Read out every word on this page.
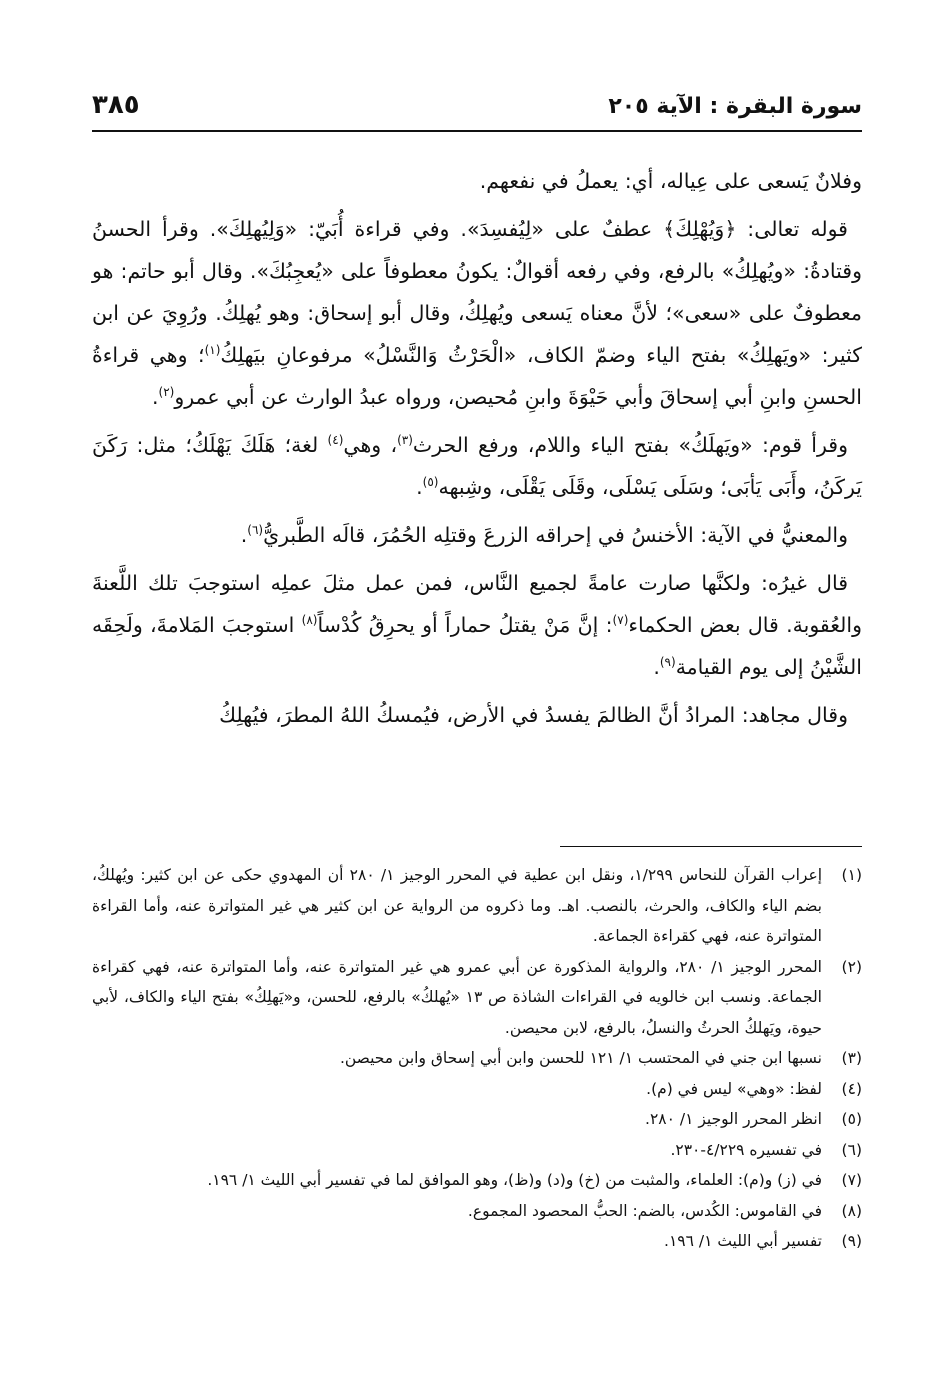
سورة البقرة : الآية ٢٠٥
٣٨٥

وفلانٌ يَسعى على عِياله، أي: يعملُ في نفعهم.

قوله تعالى: ﴿وَيُهْلِكَ﴾ عطفٌ على «لِيُفسِدَ». وفي قراءة أُبَيّ: «وَلِيُهلِكَ». وقرأ الحسنُ وقتادةُ: «ويُهلِكُ» بالرفع، وفي رفعه أقوالٌ: يكونُ معطوفاً على «يُعجِبُكَ». وقال أبو حاتم: هو معطوفٌ على «سعى»؛ لأنَّ معناه يَسعى ويُهلِكُ، وقال أبو إسحاق: وهو يُهلِكُ. ورُوِيَ عن ابن كثير: «ويَهلِكُ» بفتح الياء وضمّ الكاف، «الْحَرْثُ وَالنَّسْلُ» مرفوعانِ بيَهلِكُ$^{(١)}$؛ وهي قراءةُ الحسنِ وابنِ أبي إسحاقَ وأبي حَيْوَةَ وابنِ مُحيصن، ورواه عبدُ الوارث عن أبي عمرو$^{(٢)}$.

وقرأ قوم: «ويَهلَكُ» بفتح الياء واللام، ورفع الحرث$^{(٣)}$، وهي$^{(٤)}$ لغة؛ هَلَكَ يَهْلَكُ؛ مثل: رَكَنَ يَركَنُ، وأَبَى يَأبَى؛ وسَلَى يَسْلَى، وقَلَى يَقْلَى، وشِبهه$^{(٥)}$.

والمعنيُّ في الآية: الأخنسُ في إحراقه الزرعَ وقتلِه الحُمُرَ، قالَه الطَّبريُّ$^{(٦)}$.

قال غيرُه: ولكنَّها صارت عامةً لجميع النَّاس، فمن عمل مثلَ عملِه استوجبَ تلك اللَّعنةَ والعُقوبة. قال بعض الحكماء$^{(٧)}$: إنَّ مَنْ يقتلُ حماراً أو يحرِقُ كُدْساً$^{(٨)}$ استوجبَ المَلامةَ، ولَحِقَه الشَّيْنُ إلى يوم القيامة$^{(٩)}$.

وقال مجاهد: المرادُ أنَّ الظالمَ يفسدُ في الأرض، فيُمسكُ اللهُ المطرَ، فيُهلِكُ

(١)
إعراب القرآن للنحاس ١/٢٩٩، ونقل ابن عطية في المحرر الوجيز ١/ ٢٨٠ أن المهدوي حكى عن ابن كثير: ويُهلكُ، بضم الياء والكاف، والحرث، بالنصب. اهـ. وما ذكروه من الرواية عن ابن كثير هي غير المتواترة عنه، وأما القراءة المتواترة عنه، فهي كقراءة الجماعة.
(٢)
المحرر الوجيز ١/ ٢٨٠، والرواية المذكورة عن أبي عمرو هي غير المتواترة عنه، وأما المتواترة عنه، فهي كقراءة الجماعة. ونسب ابن خالويه في القراءات الشاذة ص ١٣ «يُهلكُ» بالرفع، للحسن، و«يَهلِكُ» بفتح الياء والكاف، لأبي حيوة، ويَهلكُ الحرثُ والنسلُ، بالرفع، لابن محيصن.
(٣)
نسبها ابن جني في المحتسب ١/ ١٢١ للحسن وابن أبي إسحاق وابن محيصن.
(٤)
لفظ: «وهي» ليس في (م).
(٥)
انظر المحرر الوجيز ١/ ٢٨٠.
(٦)
في تفسيره ٤/٢٢٩-٢٣٠.
(٧)
في (ز) و(م): العلماء، والمثبت من (خ) و(د) و(ظ)، وهو الموافق لما في تفسير أبي الليث ١/ ١٩٦.
(٨)
في القاموس: الكُدس، بالضم: الحبُّ المحصود المجموع.
(٩)
تفسير أبي الليث ١/ ١٩٦.
